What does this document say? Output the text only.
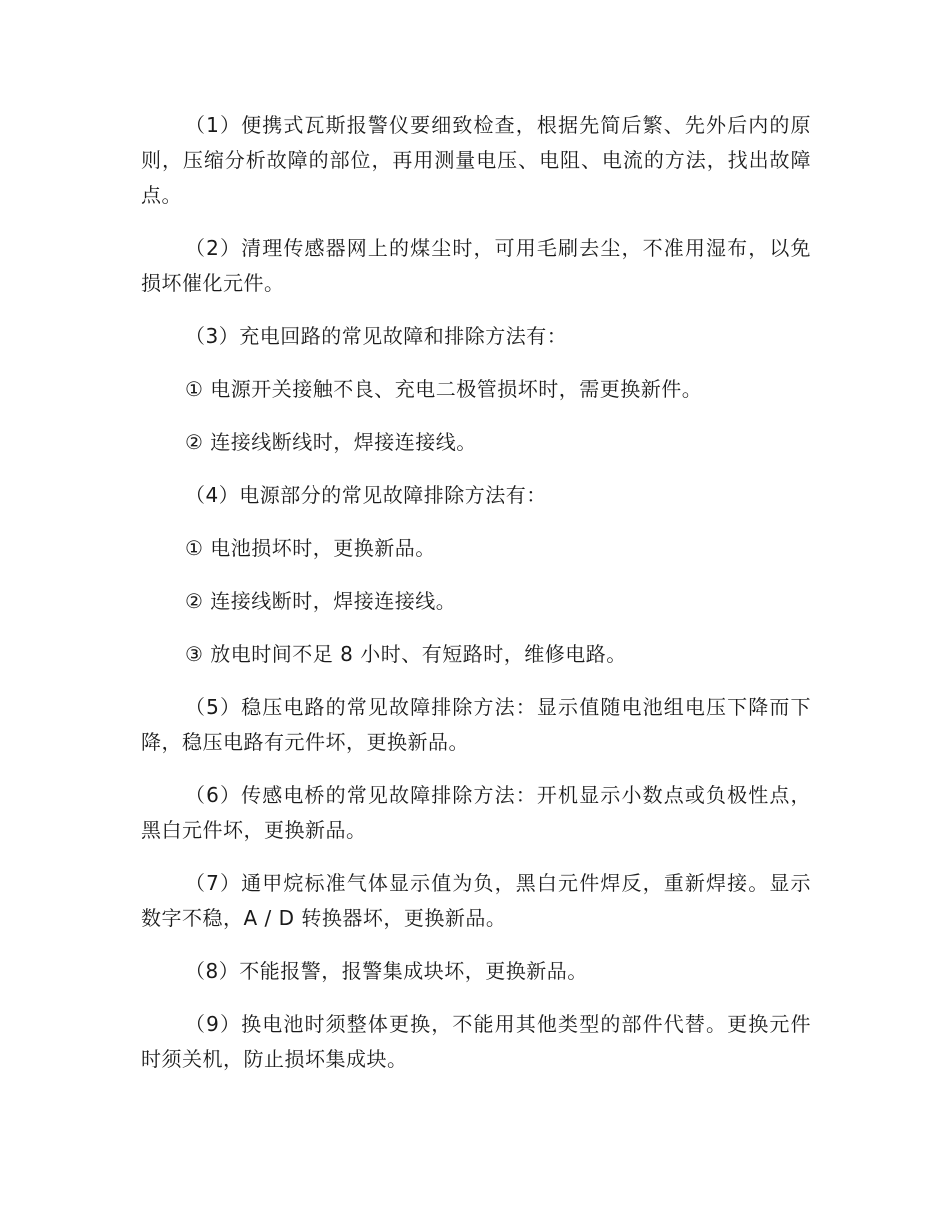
（1）便携式瓦斯报警仪要细致检查，根据先简后繁、先外后内的原则，压缩分析故障的部位，再用测量电压、电阻、电流的方法，找出故障点。

（2）清理传感器网上的煤尘时，可用毛刷去尘，不准用湿布，以免损坏催化元件。

（3）充电回路的常见故障和排除方法有：

① 电源开关接触不良、充电二极管损坏时，需更换新件。

② 连接线断线时，焊接连接线。

（4）电源部分的常见故障排除方法有：

① 电池损坏时，更换新品。

② 连接线断时，焊接连接线。

③ 放电时间不足 8 小时、有短路时，维修电路。

（5）稳压电路的常见故障排除方法：显示值随电池组电压下降而下降，稳压电路有元件坏，更换新品。

（6）传感电桥的常见故障排除方法：开机显示小数点或负极性点，黑白元件坏，更换新品。

（7）通甲烷标准气体显示值为负，黑白元件焊反，重新焊接。显示数字不稳，A / D 转换器坏，更换新品。

（8）不能报警，报警集成块坏，更换新品。

（9）换电池时须整体更换，不能用其他类型的部件代替。更换元件时须关机，防止损坏集成块。
